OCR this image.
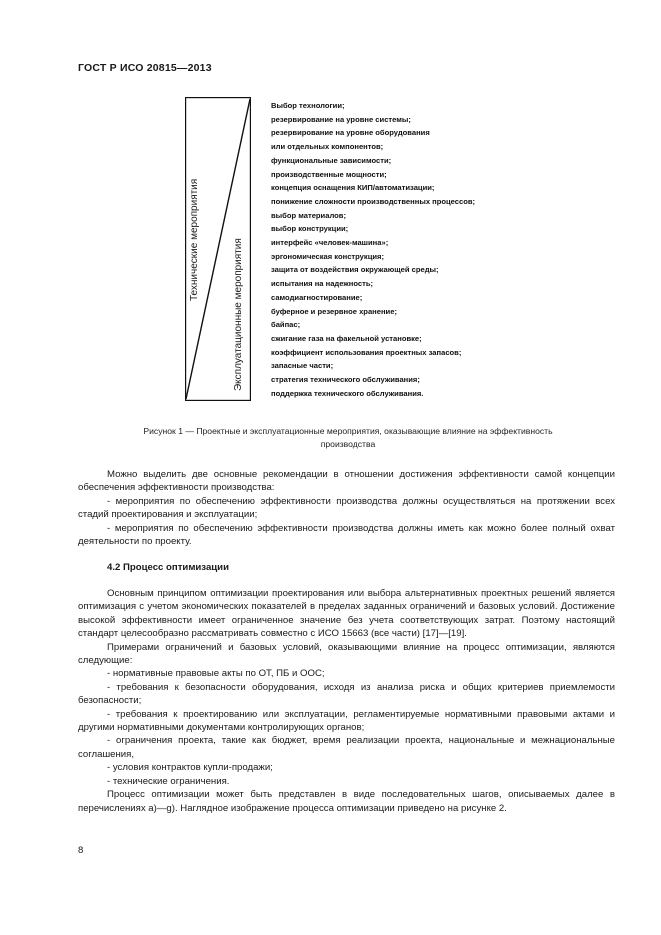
ГОСТ Р ИСО 20815—2013
Технические мероприятия	Эксплуатационные мероприятия
Выбор технологии;
резервирование на уровне системы;
резервирование на уровне оборудования
или отдельных компонентов;
функциональные зависимости;
производственные мощности;
концепция оснащения КИП/автоматизации;
понижение сложности производственных процессов;
выбор материалов;
выбор конструкции;
интерфейс «человек-машина»;
эргономическая конструкция;
защита от воздействия окружающей среды;
испытания на надежность;
самодиагностирование;
буферное и резервное хранение;
байпас;
сжигание газа на факельной установке;
коэффициент использования проектных запасов;
запасные части;
стратегия технического обслуживания;
поддержка технического обслуживания.
Рисунок 1 — Проектные и эксплуатационные мероприятия, оказывающие влияние на эффективность
производства

Можно выделить две основные рекомендации в отношении достижения эффективности самой концепции обеспечения эффективности производства:

- мероприятия по обеспечению эффективности производства должны осуществляться на протяжении всех стадий проектирования и эксплуатации;

- мероприятия по обеспечению эффективности производства должны иметь как можно более полный охват деятельности по проекту.

4.2 Процесс оптимизации

Основным принципом оптимизации проектирования или выбора альтернативных проектных решений является оптимизация с учетом экономических показателей в пределах заданных ограничений и базовых условий. Достижение высокой эффективности имеет ограниченное значение без учета соответствующих затрат. Поэтому настоящий стандарт целесообразно рассматривать совместно с ИСО 15663 (все части) [17]—[19].

Примерами ограничений и базовых условий, оказывающими влияние на процесс оптимизации, являются следующие:

- нормативные правовые акты по ОТ, ПБ и ООС;

- требования к безопасности оборудования, исходя из анализа риска и общих критериев приемлемости безопасности;

- требования к проектированию или эксплуатации, регламентируемые нормативными правовыми актами и другими нормативными документами контролирующих органов;

- ограничения проекта, такие как бюджет, время реализации проекта, национальные и межнациональные соглашения,

- условия контрактов купли-продажи;

- технические ограничения.

Процесс оптимизации может быть представлен в виде последовательных шагов, описываемых далее в перечислениях а)—g). Наглядное изображение процесса оптимизации приведено на рисунке 2.

8
